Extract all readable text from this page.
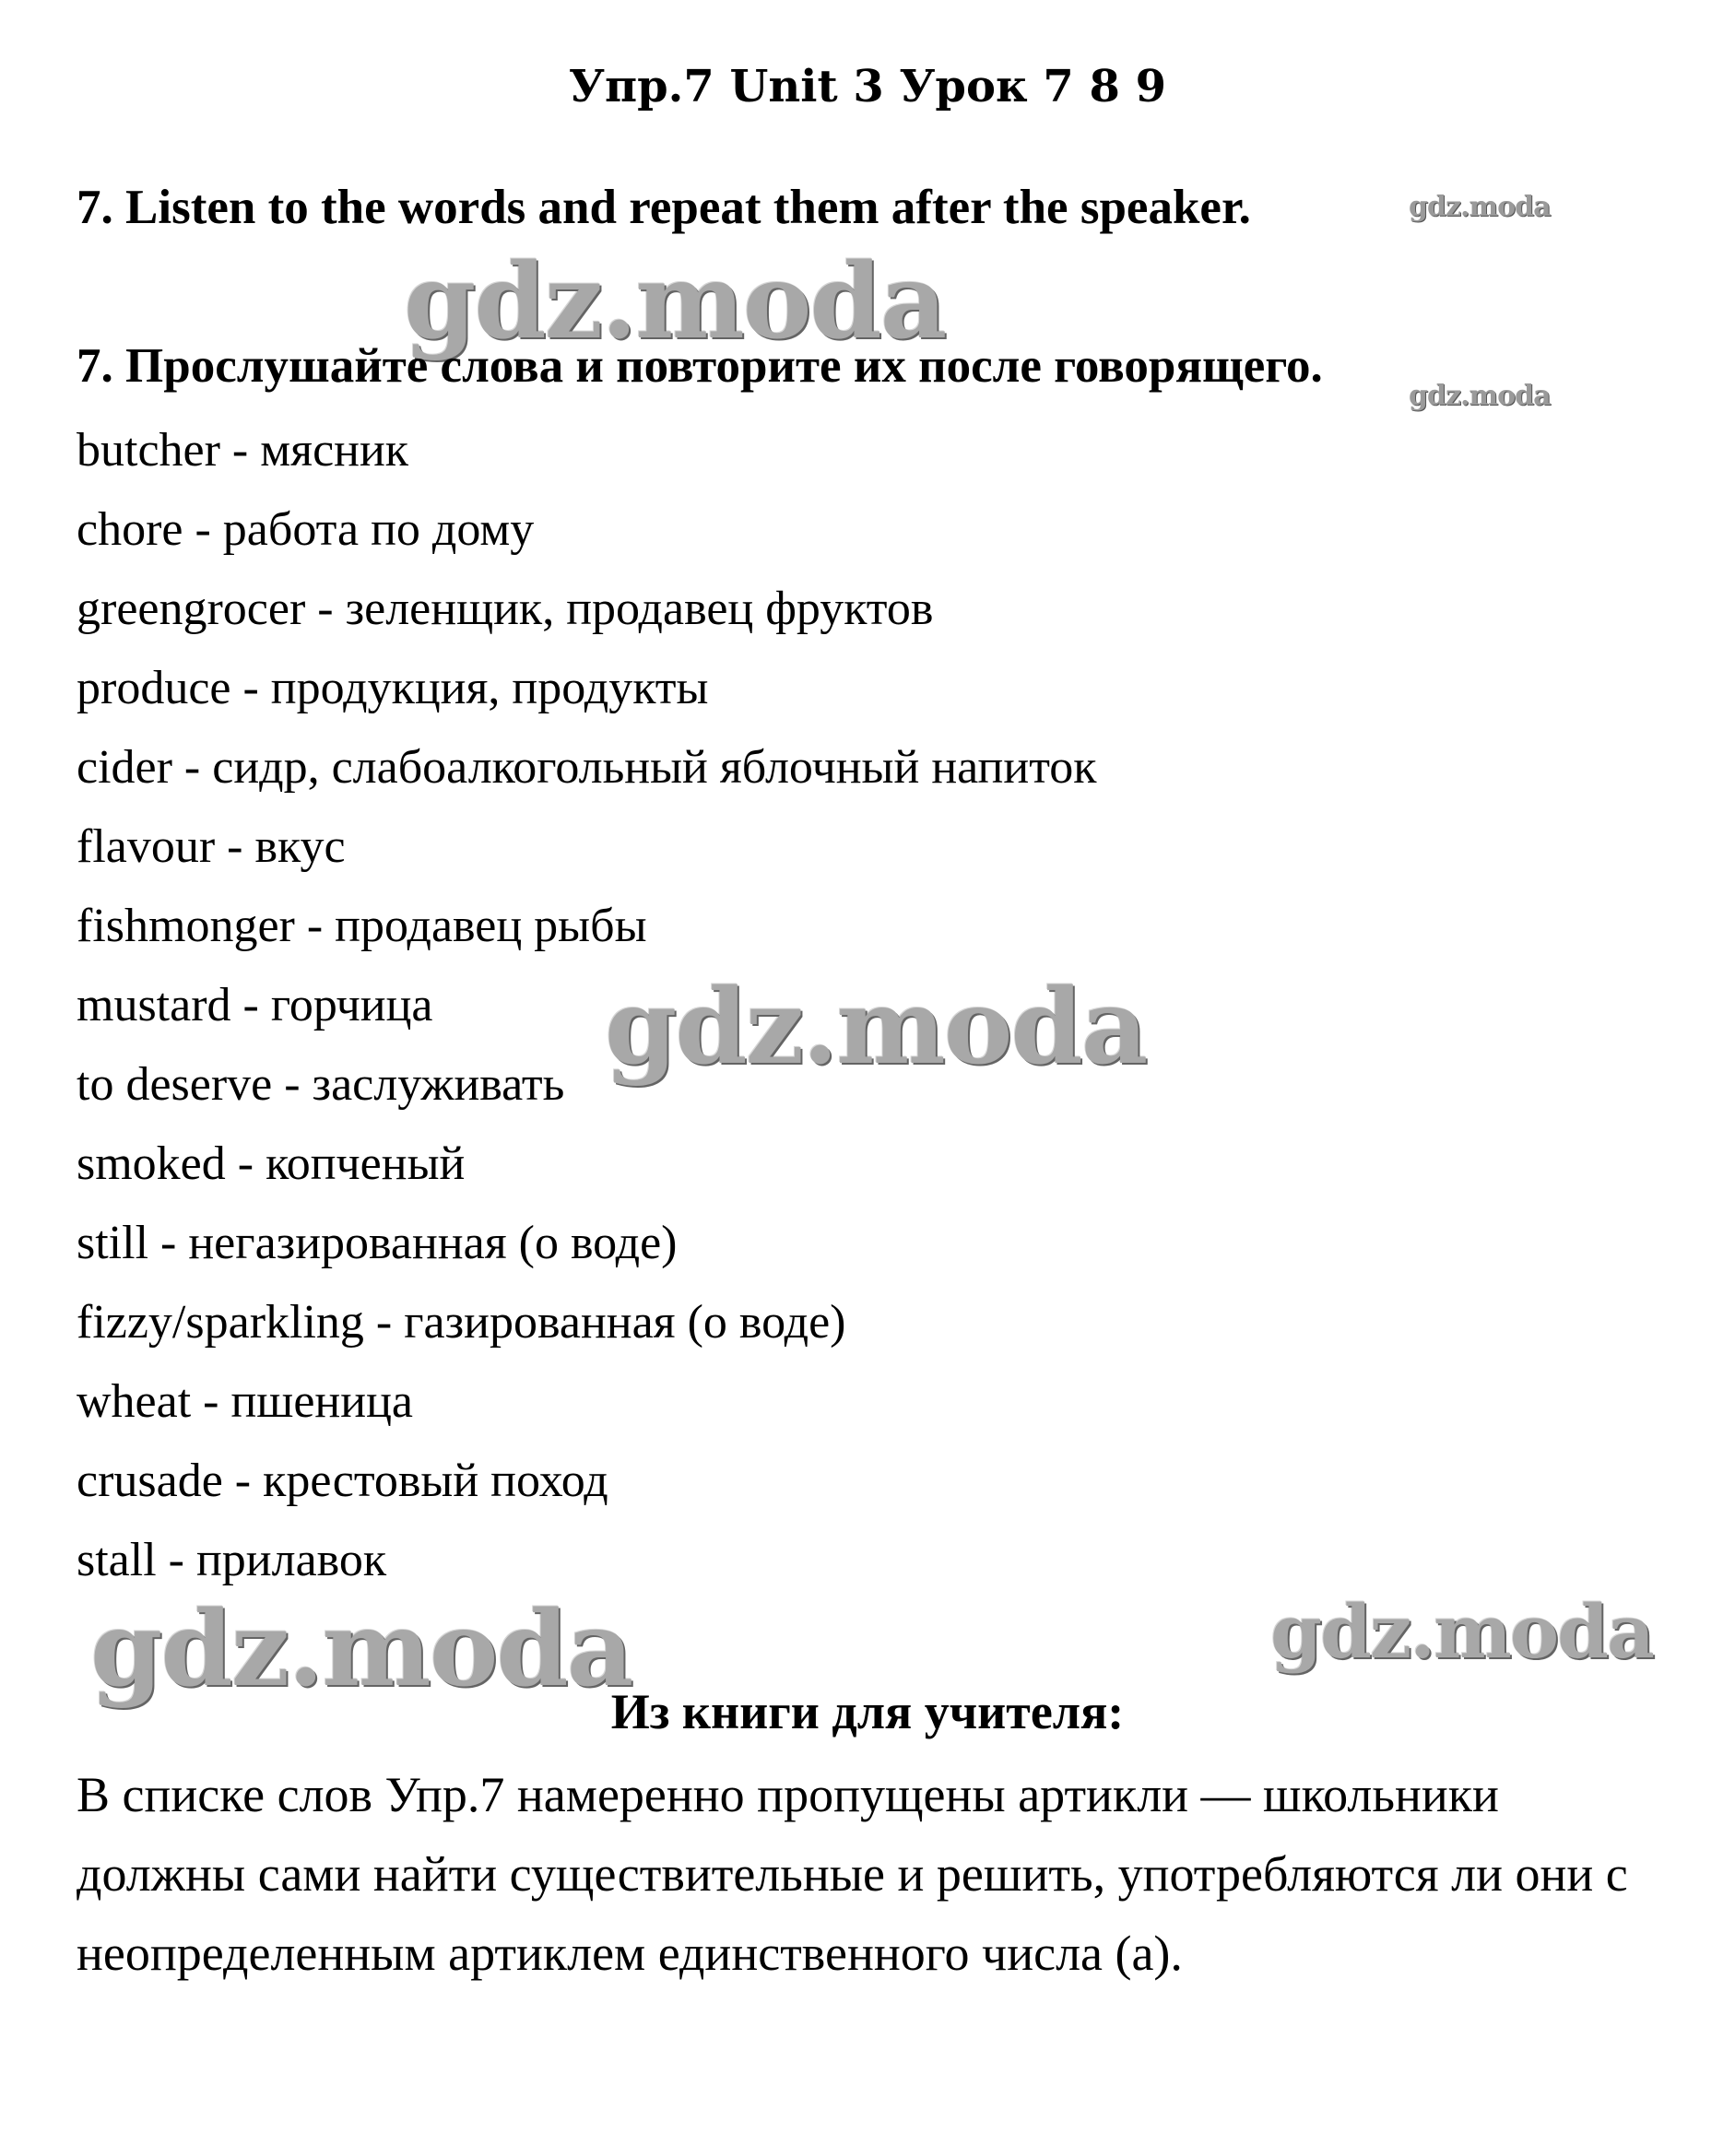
Упр.7 Unit 3 Урок 7 8 9
7. Listen to the words and repeat them after the speaker.
gdz.moda
gdz.moda
7. Прослушайте слова и повторите их после говорящего.
gdz.moda
butcher - мясник
chore - работа по дому
greengrocer - зеленщик, продавец фруктов
produce - продукция, продукты
cider - сидр, слабоалкогольный яблочный напиток
flavour - вкус
fishmonger - продавец рыбы
mustard - горчица
to deserve - заслуживать
smoked - копченый
still - негазированная (о воде)
fizzy/sparkling - газированная (о воде)
wheat - пшеница
crusade - крестовый поход
stall - прилавок
gdz.moda
gdz.moda	gdz.moda
Из книги для учителя:

В списке слов Упр.7 намеренно пропущены артикли — школьники должны сами найти существительные и решить, употребляются ли они с неопределенным артиклем единственного числа (a).
